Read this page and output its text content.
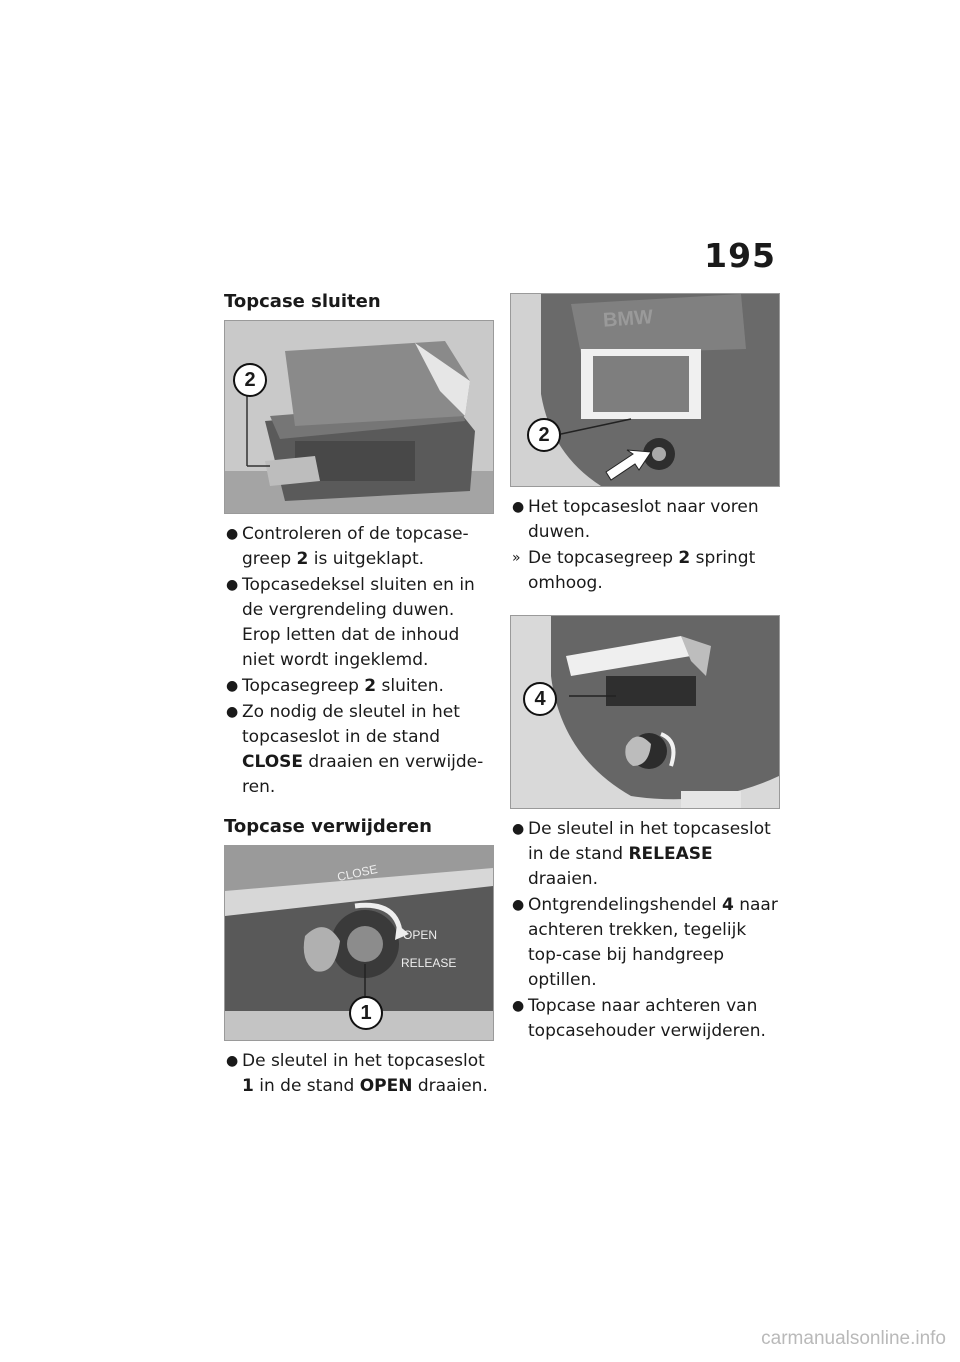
195
Topcase sluiten
2
● Controleren of de topcase-greep 2 is uitgeklapt.
● Topcasedeksel sluiten en in de vergrendeling duwen. Erop letten dat de inhoud niet wordt ingeklemd.
● Topcasegreep 2 sluiten.
● Zo nodig de sleutel in het topcaseslot in de stand CLOSE draaien en verwijde-ren.
Topcase verwijderen
CLOSE
OPEN
RELEASE
1
● De sleutel in het topcaseslot 1 in de stand OPEN draaien.
BMW
2
● Het topcaseslot naar voren duwen.
» De topcasegreep 2 springt omhoog.
4
● De sleutel in het topcaseslot in de stand RELEASE draaien.
● Ontgrendelingshendel 4 naar achteren trekken, tegelijk top-case bij handgreep optillen.
● Topcase naar achteren van topcasehouder verwijderen.
carmanualsonline.info
